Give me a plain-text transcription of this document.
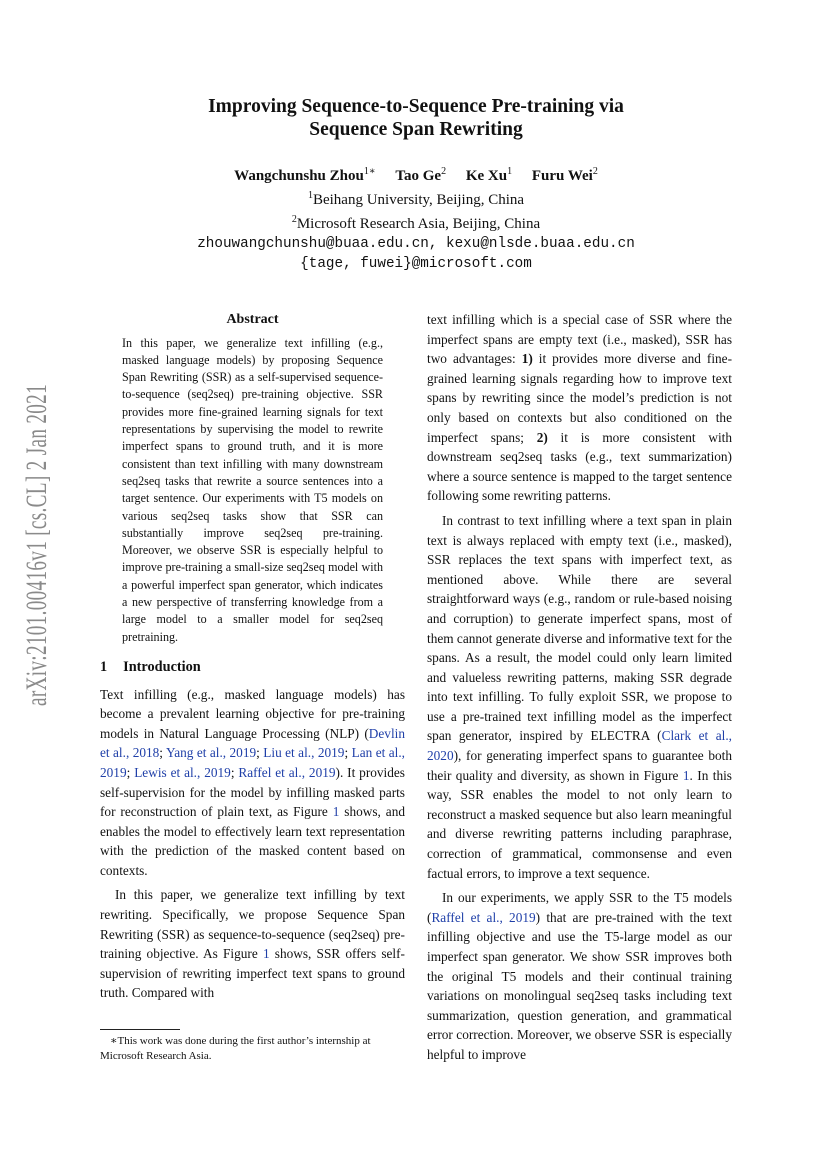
arXiv:2101.00416v1 [cs.CL] 2 Jan 2021

Improving Sequence-to-Sequence Pre-training via
Sequence Span Rewriting

Wangchunshu Zhou$^{1∗}$ Tao Ge$^2$ Ke Xu$^1$ Furu Wei$^2$
$^1$Beihang University, Beijing, China
$^2$Microsoft Research Asia, Beijing, China
zhouwangchunshu@buaa.edu.cn, kexu@nlsde.buaa.edu.cn
{tage, fuwei}@microsoft.com

Abstract

In this paper, we generalize text infilling (e.g., masked language models) by proposing Sequence Span Rewriting (SSR) as a self-supervised sequence-to-sequence (seq2seq) pre-training objective. SSR provides more fine-grained learning signals for text representations by supervising the model to rewrite imperfect spans to ground truth, and it is more consistent than text infilling with many downstream seq2seq tasks that rewrite a source sentences into a target sentence. Our experiments with T5 models on various seq2seq tasks show that SSR can substantially improve seq2seq pre-training. Moreover, we observe SSR is especially helpful to improve pre-training a small-size seq2seq model with a powerful imperfect span generator, which indicates a new perspective of transferring knowledge from a large model to a smaller model for seq2seq pretraining.

1 Introduction

Text infilling (e.g., masked language models) has become a prevalent learning objective for pre-training models in Natural Language Processing (NLP) (Devlin et al., 2018; Yang et al., 2019; Liu et al., 2019; Lan et al., 2019; Lewis et al., 2019; Raffel et al., 2019). It provides self-supervision for the model by infilling masked parts for reconstruction of plain text, as Figure 1 shows, and enables the model to effectively learn text representation with the prediction of the masked content based on contexts.

In this paper, we generalize text infilling by text rewriting. Specifically, we propose Sequence Span Rewriting (SSR) as sequence-to-sequence (seq2seq) pre-training objective. As Figure 1 shows, SSR offers self-supervision of rewriting imperfect text spans to ground truth. Compared with

∗This work was done during the first author’s internship at Microsoft Research Asia.

text infilling which is a special case of SSR where the imperfect spans are empty text (i.e., masked), SSR has two advantages: 1) it provides more diverse and fine-grained learning signals regarding how to improve text spans by rewriting since the model’s prediction is not only based on contexts but also conditioned on the imperfect spans; 2) it is more consistent with downstream seq2seq tasks (e.g., text summarization) where a source sentence is mapped to the target sentence following some rewriting patterns.

In contrast to text infilling where a text span in plain text is always replaced with empty text (i.e., masked), SSR replaces the text spans with imperfect text, as mentioned above. While there are several straightforward ways (e.g., random or rule-based noising and corruption) to generate imperfect spans, most of them cannot generate diverse and informative text for the spans. As a result, the model could only learn limited and valueless rewriting patterns, making SSR degrade into text infilling. To fully exploit SSR, we propose to use a pre-trained text infilling model as the imperfect span generator, inspired by ELECTRA (Clark et al., 2020), for generating imperfect spans to guarantee both their quality and diversity, as shown in Figure 1. In this way, SSR enables the model to not only learn to reconstruct a masked sequence but also learn meaningful and diverse rewriting patterns including paraphrase, correction of grammatical, commonsense and even factual errors, to improve a text sequence.

In our experiments, we apply SSR to the T5 models (Raffel et al., 2019) that are pre-trained with the text infilling objective and use the T5-large model as our imperfect span generator. We show SSR improves both the original T5 models and their continual training variations on monolingual seq2seq tasks including text summarization, question generation, and grammatical error correction. Moreover, we observe SSR is especially helpful to improve
